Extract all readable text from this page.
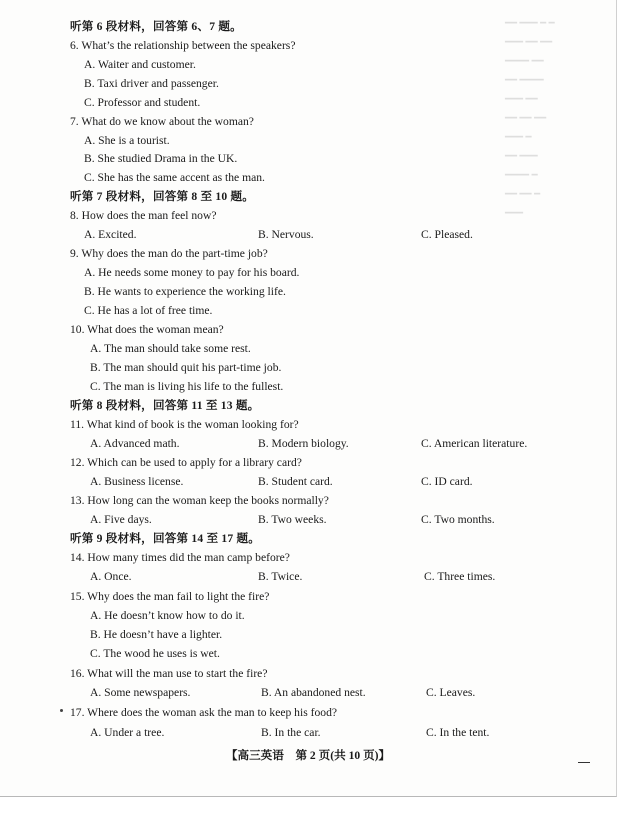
━━ ━━━ ━ ━
━━━ ━━ ━━
━━━━ ━━
━━ ━━━━
━━━ ━━
━━ ━━ ━━
━━━ ━
━━ ━━━
━━━━ ━
━━ ━━ ━
━━━
听第 6 段材料，回答第 6、7 题。
6. What’s the relationship between the speakers?
A. Waiter and customer.
B. Taxi driver and passenger.
C. Professor and student.
7. What do we know about the woman?
A. She is a tourist.
B. She studied Drama in the UK.
C. She has the same accent as the man.
听第 7 段材料，回答第 8 至 10 题。
8. How does the man feel now?
A. Excited.	B. Nervous.	C. Pleased.
9. Why does the man do the part-time job?
A. He needs some money to pay for his board.
B. He wants to experience the working life.
C. He has a lot of free time.
10. What does the woman mean?
A. The man should take some rest.
B. The man should quit his part-time job.
C. The man is living his life to the fullest.
听第 8 段材料，回答第 11 至 13 题。
11. What kind of book is the woman looking for?
A. Advanced math.	B. Modern biology.	C. American literature.
12. Which can be used to apply for a library card?
A. Business license.	B. Student card.	C. ID card.
13. How long can the woman keep the books normally?
A. Five days.	B. Two weeks.	C. Two months.
听第 9 段材料，回答第 14 至 17 题。
14. How many times did the man camp before?
A. Once.	B. Twice.	C. Three times.
15. Why does the man fail to light the fire?
A. He doesn’t know how to do it.
B. He doesn’t have a lighter.
C. The wood he uses is wet.
16. What will the man use to start the fire?
A. Some newspapers.	B. An abandoned nest.	C. Leaves.
17. Where does the woman ask the man to keep his food?
A. Under a tree.	B. In the car.	C. In the tent.
【高三英语　第 2 页(共 10 页)】
